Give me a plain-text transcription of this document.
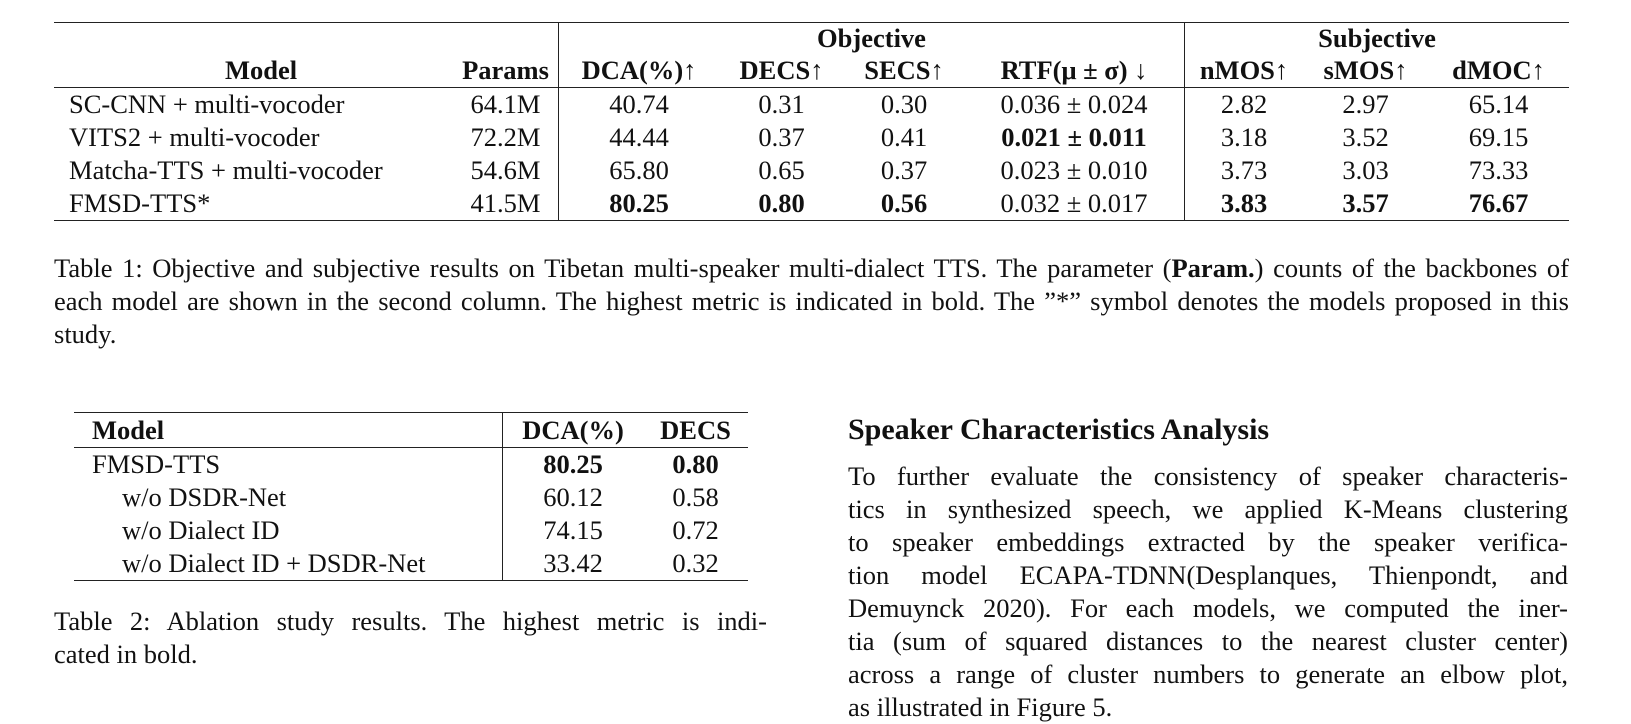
		Objective				Subjective		
Model	Params	DCA(%)↑	DECS↑	SECS↑	RTF(μ ± σ) ↓	nMOS↑	sMOS↑	dMOC↑
SC-CNN + multi-vocoder	64.1M	40.74	0.31	0.30	0.036 ± 0.024	2.82	2.97	65.14
VITS2 + multi-vocoder	72.2M	44.44	0.37	0.41	0.021 ± 0.011	3.18	3.52	69.15
Matcha-TTS + multi-vocoder	54.6M	65.80	0.65	0.37	0.023 ± 0.010	3.73	3.03	73.33
FMSD-TTS*	41.5M	80.25	0.80	0.56	0.032 ± 0.017	3.83	3.57	76.67
Table 1: Objective and subjective results on Tibetan multi-speaker multi-dialect TTS. The parameter (Param.) counts of the backbones of each model are shown in the second column. The highest metric is indicated in bold. The ”*” symbol denotes the models proposed in this study.
Model	DCA(%)	DECS
FMSD-TTS	80.25	0.80
w/o DSDR-Net	60.12	0.58
w/o Dialect ID	74.15	0.72
w/o Dialect ID + DSDR-Net	33.42	0.32
Table 2: Ablation study results. The highest metric is indi-
cated in bold.
Speaker Characteristics Analysis
To further evaluate the consistency of speaker characteris-
tics in synthesized speech, we applied K-Means clustering
to speaker embeddings extracted by the speaker verifica-
tion model ECAPA-TDNN(Desplanques, Thienpondt, and
Demuynck 2020). For each models, we computed the iner-
tia (sum of squared distances to the nearest cluster center)
across a range of cluster numbers to generate an elbow plot,
as illustrated in Figure 5.
